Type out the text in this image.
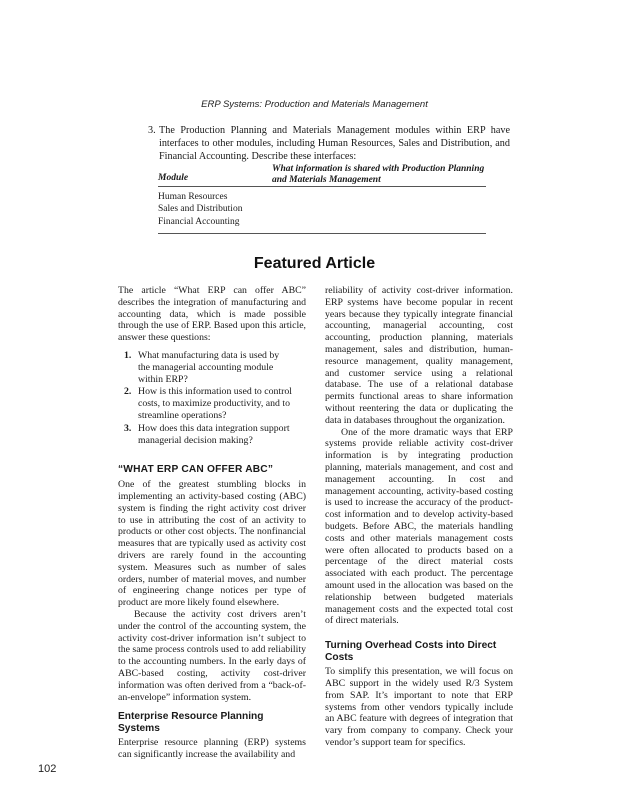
ERP Systems: Production and Materials Management
3. The Production Planning and Materials Management modules within ERP have interfaces to other modules, including Human Resources, Sales and Distribution, and Financial Accounting. Describe these interfaces:
Module
What information is shared with Production Planning
and Materials Management
Human Resources
Sales and Distribution
Financial Accounting
Featured Article

The article “What ERP can offer ABC” describes the integration of manufacturing and accounting data, which is made possible through the use of ERP. Based upon this article, answer these questions:

1. What manufacturing data is used by the managerial accounting module within ERP?
2. How is this information used to control costs, to maximize productivity, and to streamline operations?
3. How does this data integration support managerial decision making?
“WHAT ERP CAN OFFER ABC”

One of the greatest stumbling blocks in implementing an activity-based costing (ABC) system is finding the right activity cost driver to use in attributing the cost of an activity to products or other cost objects. The nonfinancial measures that are typically used as activity cost drivers are rarely found in the accounting system. Measures such as number of sales orders, number of material moves, and number of engineering change notices per type of product are more likely found elsewhere.

Because the activity cost drivers aren’t under the control of the accounting system, the activity cost-driver information isn’t subject to the same process controls used to add reliability to the accounting numbers. In the early days of ABC-based costing, activity cost-driver information was often derived from a “back-of-an-envelope” information system.

Enterprise Resource Planning Systems

Enterprise resource planning (ERP) systems can significantly increase the availability and

reliability of activity cost-driver information. ERP systems have become popular in recent years because they typically integrate financial accounting, managerial accounting, cost accounting, production planning, materials management, sales and distribution, human-resource management, quality management, and customer service using a relational database. The use of a relational database permits functional areas to share information without reentering the data or duplicating the data in databases throughout the organization.

One of the more dramatic ways that ERP systems provide reliable activity cost-driver information is by integrating production planning, materials management, and cost and management accounting. In cost and management accounting, activity-based costing is used to increase the accuracy of the product-cost information and to develop activity-based budgets. Before ABC, the materials handling costs and other materials management costs were often allocated to products based on a percentage of the direct material costs associated with each product. The percentage amount used in the allocation was based on the relationship between budgeted materials management costs and the expected total cost of direct materials.

Turning Overhead Costs into Direct Costs

To simplify this presentation, we will focus on ABC support in the widely used R/3 System from SAP. It’s important to note that ERP systems from other vendors typically include an ABC feature with degrees of integration that vary from company to company. Check your vendor’s support team for specifics.

102
